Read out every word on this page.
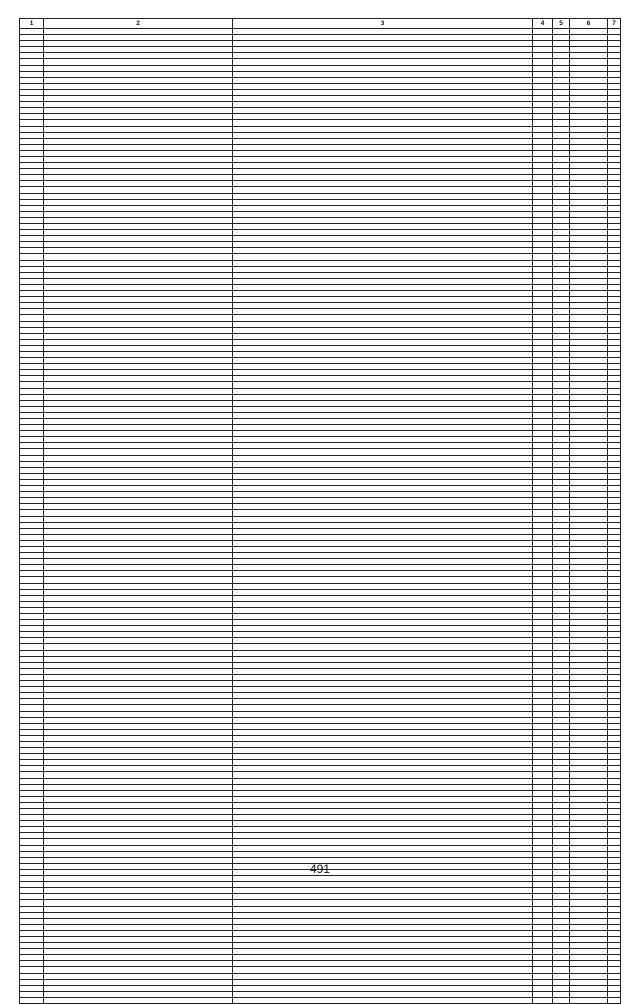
1	2	3	4	5	6	7

491
